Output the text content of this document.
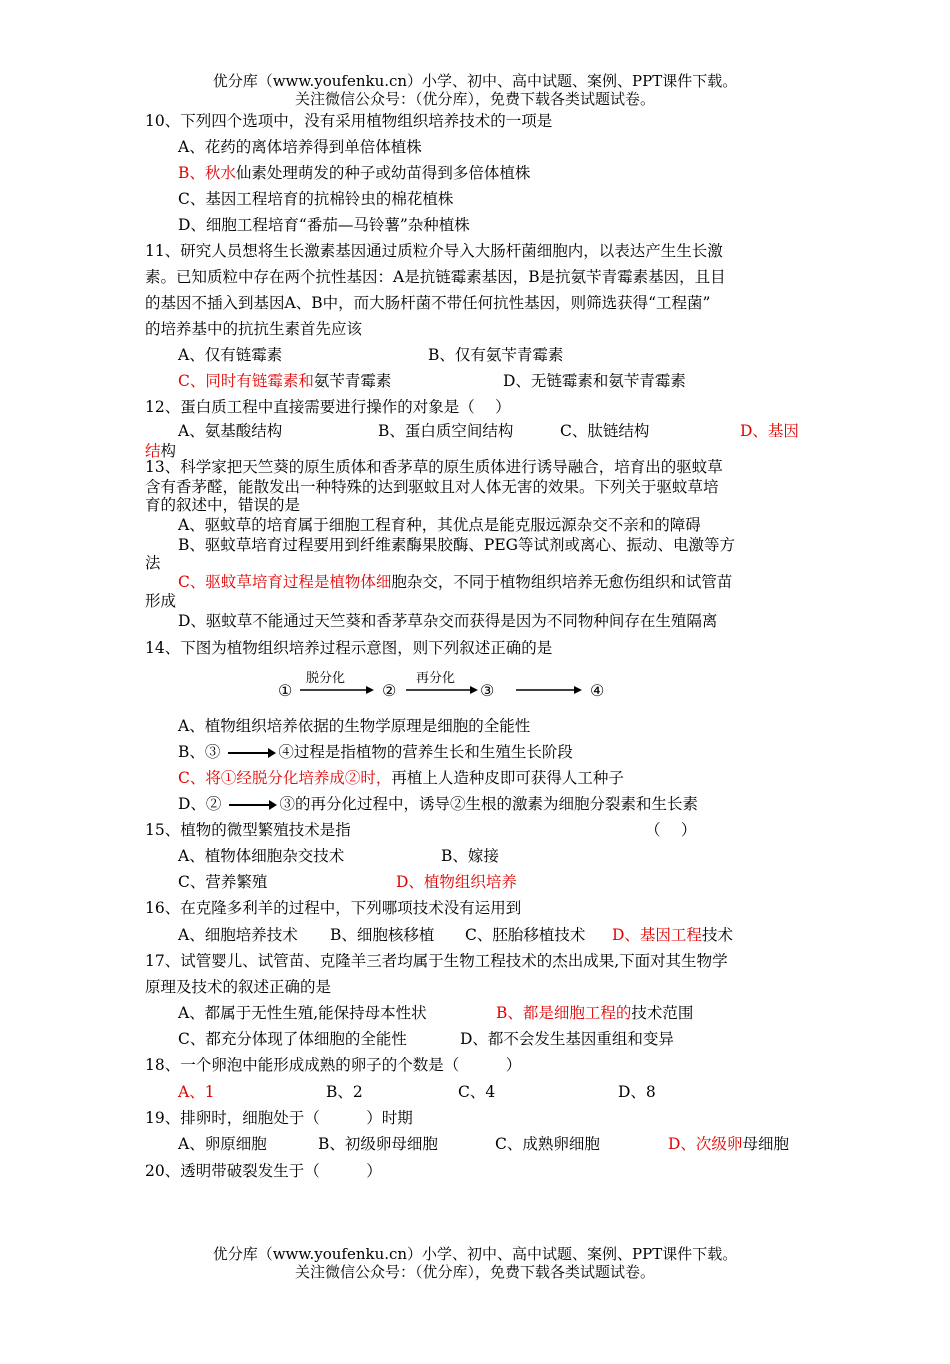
优分库（www.youfenku.cn）小学、初中、高中试题、案例、PPT课件下载。
关注微信公众号：（优分库），免费下载各类试题试卷。
10、下列四个选项中，没有采用植物组织培养技术的一项是
A、花药的离体培养得到单倍体植株
B、秋水仙素处理萌发的种子或幼苗得到多倍体植株
C、基因工程培育的抗棉铃虫的棉花植株
D、细胞工程培育“番茄—马铃薯”杂种植株
11、研究人员想将生长激素基因通过质粒介导入大肠杆菌细胞内，以表达产生生长激
素。已知质粒中存在两个抗性基因：A是抗链霉素基因，B是抗氨苄青霉素基因，且目
的基因不插入到基因A、B中，而大肠杆菌不带任何抗性基因，则筛选获得“工程菌”
的培养基中的抗抗生素首先应该
A、仅有链霉素	B、仅有氨苄青霉素
C、同时有链霉素和氨苄青霉素	D、无链霉素和氨苄青霉素
12、蛋白质工程中直接需要进行操作的对象是（　 ）
A、氨基酸结构	B、蛋白质空间结构	C、肽链结构	D、基因
结构
13、科学家把天竺葵的原生质体和香茅草的原生质体进行诱导融合，培育出的驱蚊草
含有香茅醛，能散发出一种特殊的达到驱蚊且对人体无害的效果。下列关于驱蚊草培
育的叙述中，错误的是
A、驱蚊草的培育属于细胞工程育种，其优点是能克服远源杂交不亲和的障碍
B、驱蚊草培育过程要用到纤维素酶果胶酶、PEG等试剂或离心、振动、电激等方
法
C、驱蚊草培育过程是植物体细胞杂交，不同于植物组织培养无愈伤组织和试管苗
形成
D、驱蚊草不能通过天竺葵和香茅草杂交而获得是因为不同物种间存在生殖隔离
14、下图为植物组织培养过程示意图，则下列叙述正确的是
①
脱分化
②
再分化
③	④
A、植物组织培养依据的生物学原理是细胞的全能性
B、③	④过程是指植物的营养生长和生殖生长阶段
C、将①经脱分化培养成②时，再植上人造种皮即可获得人工种子
D、②	③的再分化过程中，诱导②生根的激素为细胞分裂素和生长素
15、植物的微型繁殖技术是指	（　 ）
A、植物体细胞杂交技术	B、嫁接
C、营养繁殖	D、植物组织培养
16、在克隆多利羊的过程中，下列哪项技术没有运用到
A、细胞培养技术 B、细胞核移植 C、胚胎移植技术 D、基因工程技术
17、试管婴儿、试管苗、克隆羊三者均属于生物工程技术的杰出成果,下面对其生物学
原理及技术的叙述正确的是
A、都属于无性生殖,能保持母本性状	B、都是细胞工程的技术范围
C、都充分体现了体细胞的全能性	D、都不会发生基因重组和变异
18、一个卵泡中能形成成熟的卵子的个数是（　　　）
A、1	B、2	C、4	D、8
19、排卵时，细胞处于（　　　）时期
A、卵原细胞	B、初级卵母细胞	C、成熟卵细胞	D、次级卵母细胞
20、透明带破裂发生于（　　　）
优分库（www.youfenku.cn）小学、初中、高中试题、案例、PPT课件下载。
关注微信公众号：（优分库），免费下载各类试题试卷。
